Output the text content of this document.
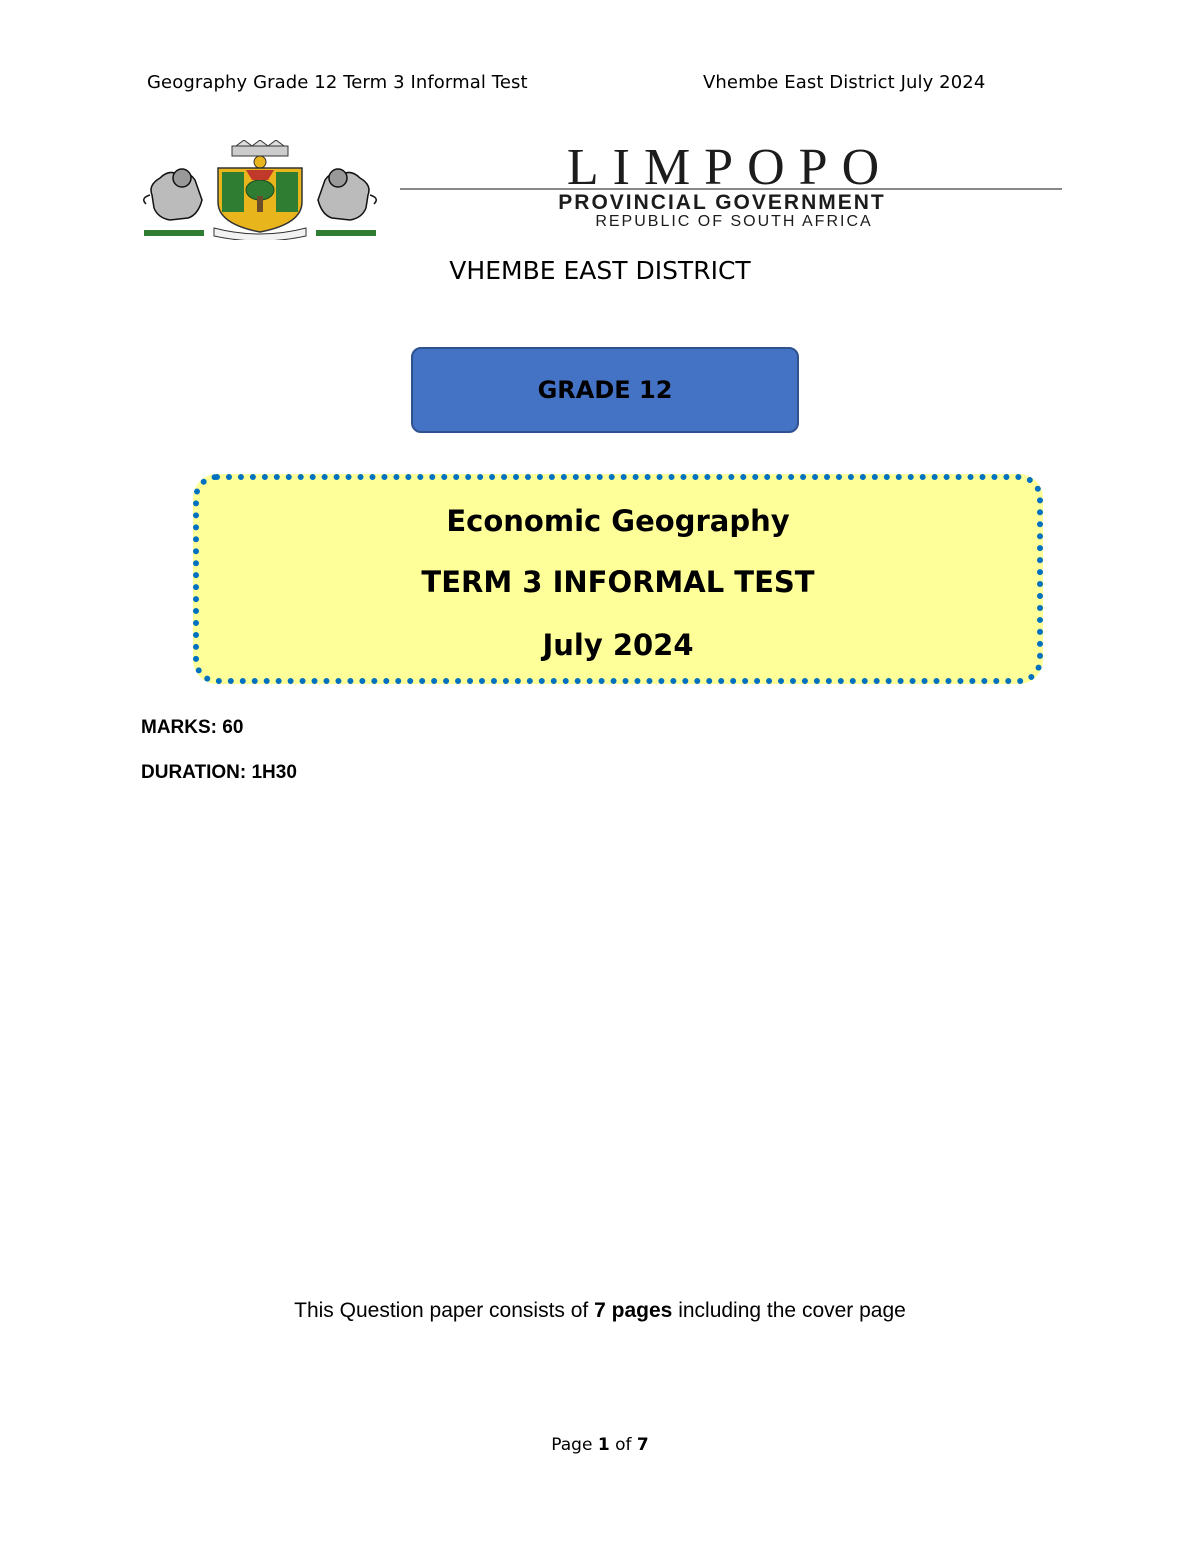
Geography Grade 12 Term 3 Informal Test	Vhembe East District July 2024
LIMPOPO
PROVINCIAL GOVERNMENT
REPUBLIC OF SOUTH AFRICA
VHEMBE EAST DISTRICT
GRADE 12
Economic Geography
TERM 3 INFORMAL TEST
July 2024
MARKS: 60
DURATION: 1H30
This Question paper consists of 7 pages including the cover page
Page 1 of 7
